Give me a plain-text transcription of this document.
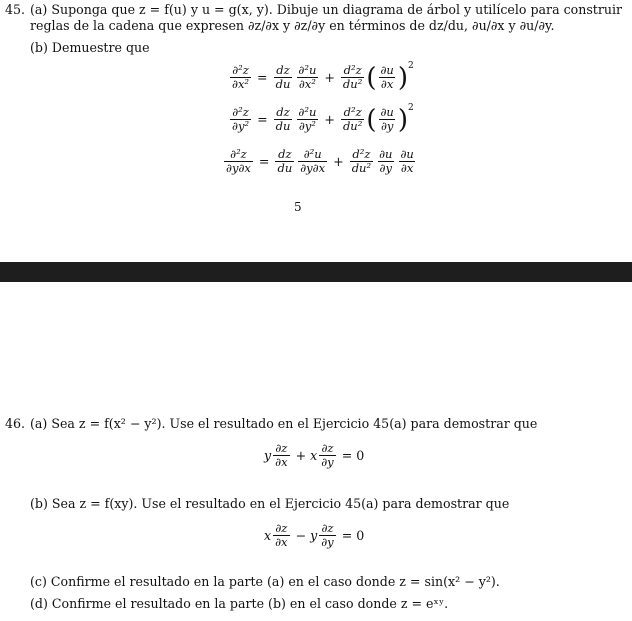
45. (a) Suponga que z = f(u) y u = g(x, y). Dibuje un diagrama de árbol y utilícelo para construir
reglas de la cadena que expresen ∂z/∂x y ∂z/∂y en términos de dz/du, ∂u/∂x y ∂u/∂y.
(b) Demuestre que
$\frac{\text{∂²z}}{\text{∂x²}} = \frac{dz}{du} \frac{\text{∂²u}}{\text{∂x²}} + \frac{\text{d²z}}{\text{du²}}$ ( $\frac{\partial u}{\partial x}$ ) 2
$\frac{\text{∂²z}}{\text{∂y²}} = \frac{dz}{du} \frac{\text{∂²u}}{\text{∂y²}} + \frac{\text{d²z}}{\text{du²}}$ ( $\frac{\partial u}{\partial y}$ ) 2
$\frac{\text{∂²z}}{\partial y\partial x} = \frac{dz}{du} \frac{\text{∂²u}}{\partial y\partial x} + \frac{\text{d²z}}{\text{du²}} \frac{\partial u}{\partial y} \frac{\partial u}{\partial x}$
5
46. (a) Sea z = f(x² − y²). Use el resultado en el Ejercicio 45(a) para demostrar que
y $\frac{\partial z}{\partial x} + x \frac{\partial z}{\partial y} = 0$
(b) Sea z = f(xy). Use el resultado en el Ejercicio 45(a) para demostrar que
x $\frac{\partial z}{\partial x} - y \frac{\partial z}{\partial y} = 0$
(c) Confirme el resultado en la parte (a) en el caso donde z = sin(x² − y²).
(d) Confirme el resultado en la parte (b) en el caso donde z = eˣʸ.
